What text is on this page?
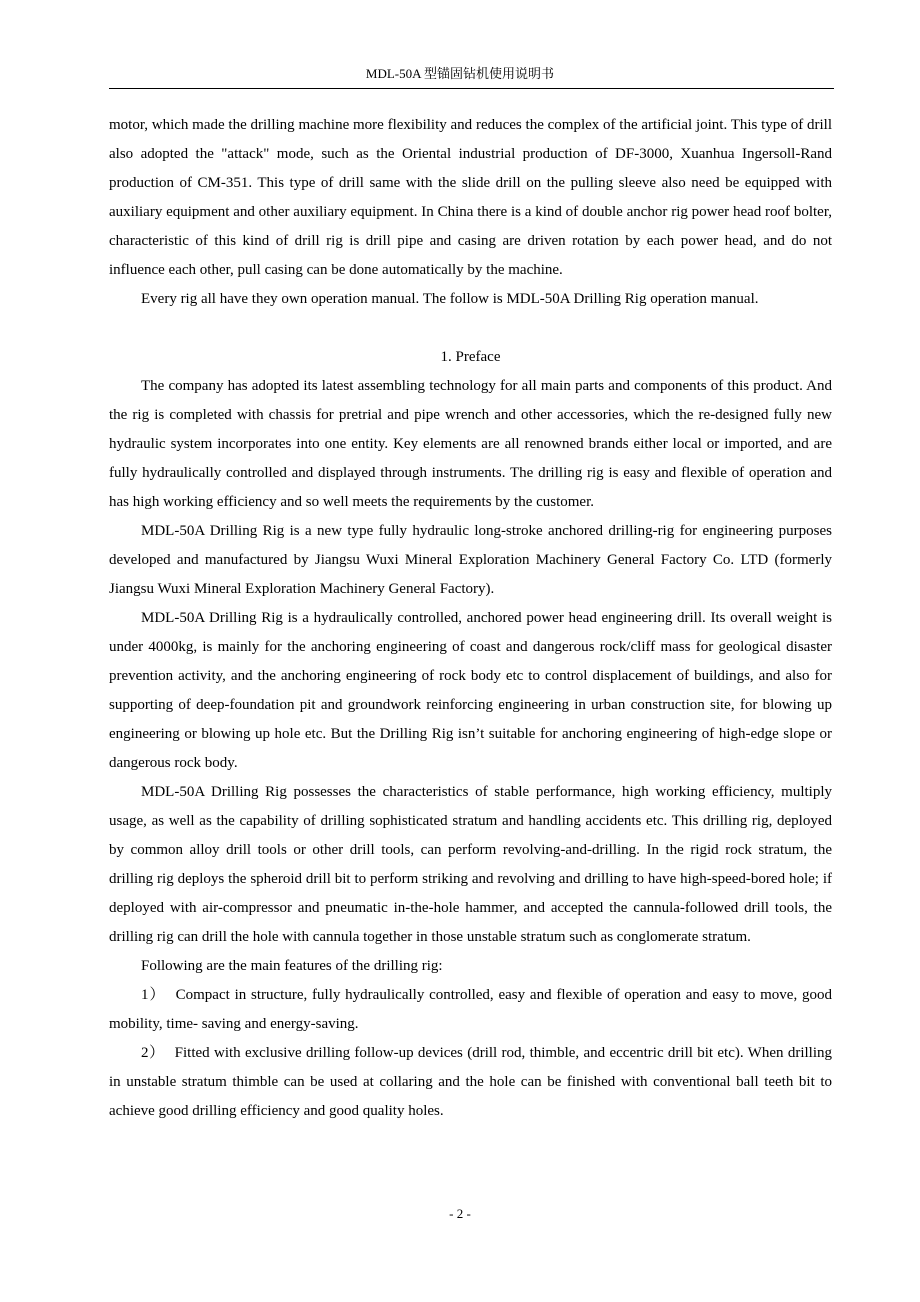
MDL-50A 型锚固钻机使用说明书

motor, which made the drilling machine more flexibility and reduces the complex of the artificial joint. This type of drill also adopted the "attack" mode, such as the Oriental industrial production of DF-3000, Xuanhua Ingersoll-Rand production of CM-351. This type of drill same with the slide drill on the pulling sleeve also need be equipped with auxiliary equipment and other auxiliary equipment. In China there is a kind of double anchor rig power head roof bolter, characteristic of this kind of drill rig is drill pipe and casing are driven rotation by each power head, and do not influence each other, pull casing can be done automatically by the machine.

Every rig all have they own operation manual. The follow is MDL-50A Drilling Rig operation manual.

1. Preface

The company has adopted its latest assembling technology for all main parts and components of this product. And the rig is completed with chassis for pretrial and pipe wrench and other accessories, which the re-designed fully new hydraulic system incorporates into one entity. Key elements are all renowned brands either local or imported, and are fully hydraulically controlled and displayed through instruments. The drilling rig is easy and flexible of operation and has high working efficiency and so well meets the requirements by the customer.

MDL-50A Drilling Rig is a new type fully hydraulic long-stroke anchored drilling-rig for engineering purposes developed and manufactured by Jiangsu Wuxi Mineral Exploration Machinery General Factory Co. LTD (formerly Jiangsu Wuxi Mineral Exploration Machinery General Factory).

MDL-50A Drilling Rig is a hydraulically controlled, anchored power head engineering drill. Its overall weight is under 4000kg, is mainly for the anchoring engineering of coast and dangerous rock/cliff mass for geological disaster prevention activity, and the anchoring engineering of rock body etc to control displacement of buildings, and also for supporting of deep-foundation pit and groundwork reinforcing engineering in urban construction site, for blowing up engineering or blowing up hole etc. But the Drilling Rig isn’t suitable for anchoring engineering of high-edge slope or dangerous rock body.

MDL-50A Drilling Rig possesses the characteristics of stable performance, high working efficiency, multiply usage, as well as the capability of drilling sophisticated stratum and handling accidents etc. This drilling rig, deployed by common alloy drill tools or other drill tools, can perform revolving-and-drilling. In the rigid rock stratum, the drilling rig deploys the spheroid drill bit to perform striking and revolving and drilling to have high-speed-bored hole; if deployed with air-compressor and pneumatic in-the-hole hammer, and accepted the cannula-followed drill tools, the drilling rig can drill the hole with cannula together in those unstable stratum such as conglomerate stratum.

Following are the main features of the drilling rig:

1） Compact in structure, fully hydraulically controlled, easy and flexible of operation and easy to move, good mobility, time- saving and energy-saving.

2） Fitted with exclusive drilling follow-up devices (drill rod, thimble, and eccentric drill bit etc). When drilling in unstable stratum thimble can be used at collaring and the hole can be finished with conventional ball teeth bit to achieve good drilling efficiency and good quality holes.

- 2 -
